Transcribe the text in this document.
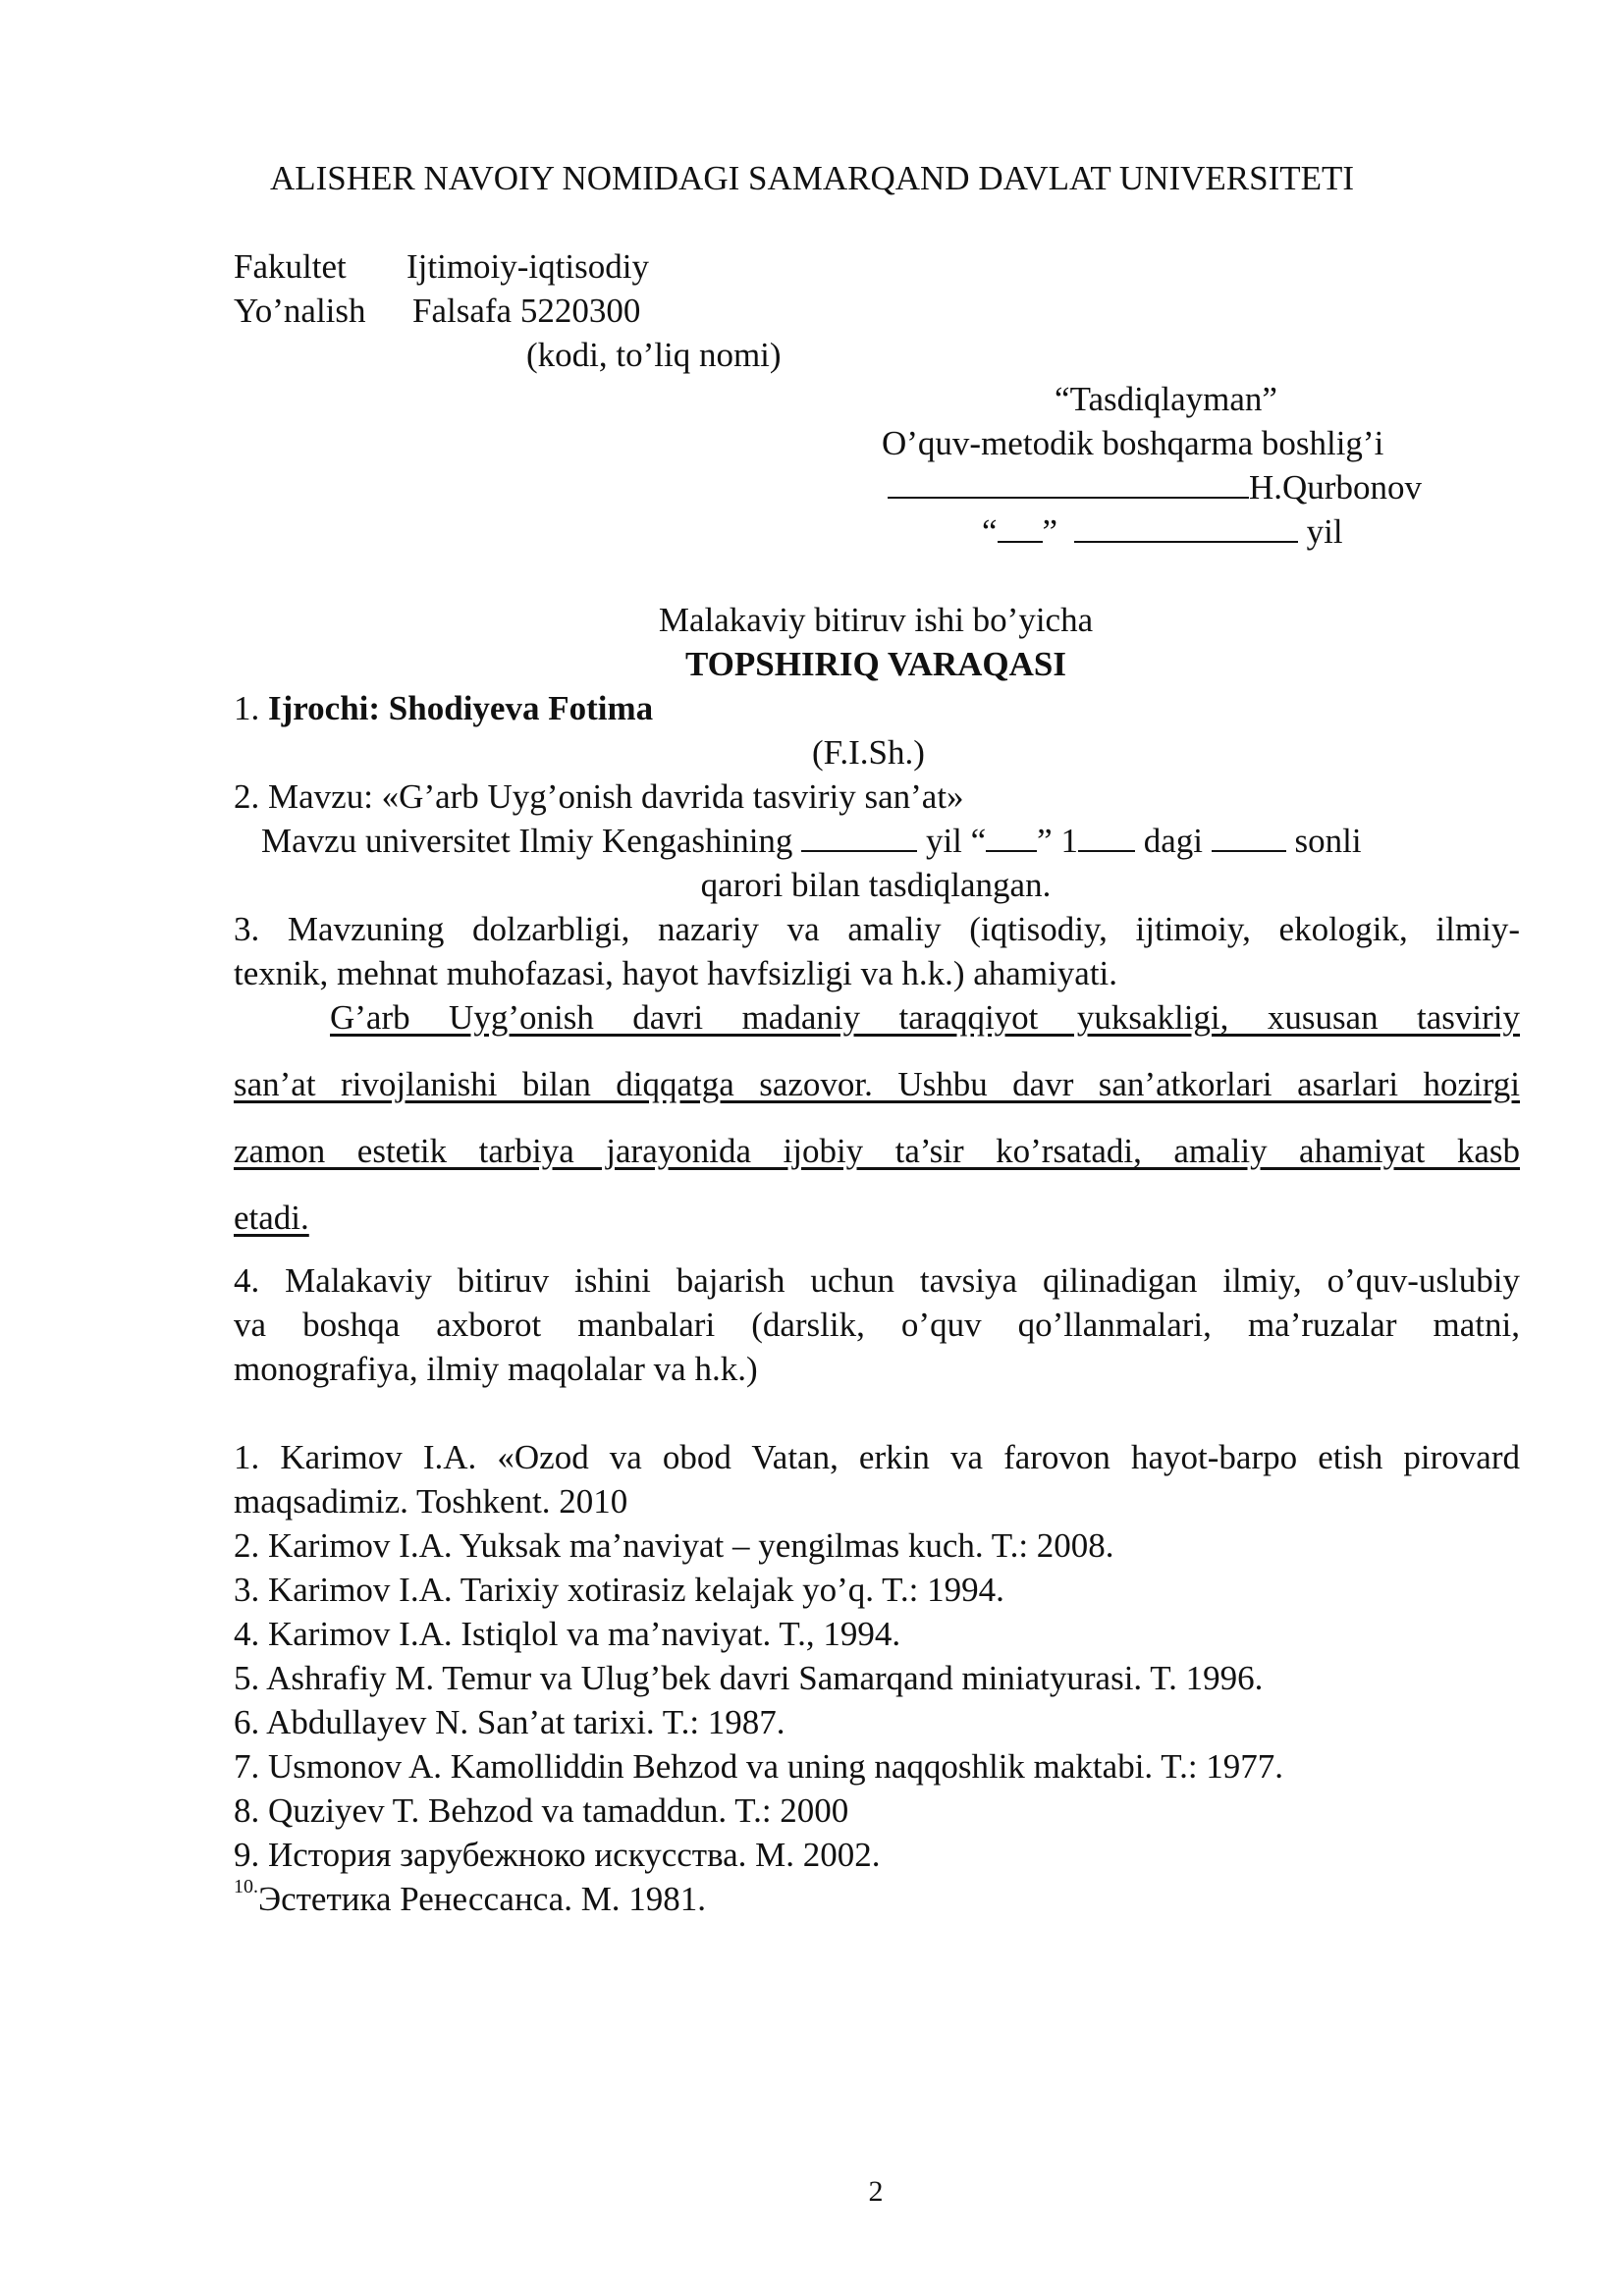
ALISHER NAVOIY NOMIDAGI SAMARQAND DAVLAT UNIVERSITETI
Fakultet Ijtimoiy-iqtisodiy
Yo’nalish Falsafa 5220300
(kodi, to’liq nomi)
“Tasdiqlayman”
O’quv-metodik boshqarma boshlig’i
H.Qurbonov
“ ”	yil
Malakaviy bitiruv ishi bo’yicha
TOPSHIRIQ VARAQASI
1. Ijrochi: Shodiyeva Fotima
(F.I.Sh.)
2. Mavzu: «G’arb Uyg’onish davrida tasviriy san’at»
Mavzu universitet Ilmiy Kengashining	yil “ ” 1 dagi	sonli
qarori bilan tasdiqlangan.
3. Mavzuning dolzarbligi, nazariy va amaliy (iqtisodiy, ijtimoiy, ekologik, ilmiy-
texnik, mehnat muhofazasi, hayot havfsizligi va h.k.) ahamiyati.
G’arb Uyg’onish davri madaniy taraqqiyot yuksakligi, xususan tasviriy
san’at rivojlanishi bilan diqqatga sazovor. Ushbu davr san’atkorlari asarlari hozirgi
zamon estetik tarbiya jarayonida ijobiy ta’sir ko’rsatadi, amaliy ahamiyat kasb
etadi.
4. Malakaviy bitiruv ishini bajarish uchun tavsiya qilinadigan ilmiy, o’quv-uslubiy
va boshqa axborot manbalari (darslik, o’quv qo’llanmalari, ma’ruzalar matni,
monografiya, ilmiy maqolalar va h.k.)
1. Karimov I.A. «Ozod va obod Vatan, erkin va farovon hayot-barpo etish pirovard maqsadimiz. Toshkent. 2010
2. Karimov I.A. Yuksak ma’naviyat – yengilmas kuch. T.: 2008.
3. Karimov I.A. Tarixiy xotirasiz kelajak yo’q. T.: 1994.
4. Karimov I.A. Istiqlol va ma’naviyat. T., 1994.
5. Ashrafiy M. Temur va Ulug’bek davri Samarqand miniatyurasi. T. 1996.
6. Abdullayev N. San’at tarixi. T.: 1987.
7. Usmonov A. Kamolliddin Behzod va uning naqqoshlik maktabi. T.: 1977.
8. Quziyev T. Behzod va tamaddun. T.: 2000
9. История зарубежноко искусства. М. 2002.
$^{10.}$Эстетика Ренессанса. М. 1981.
2
